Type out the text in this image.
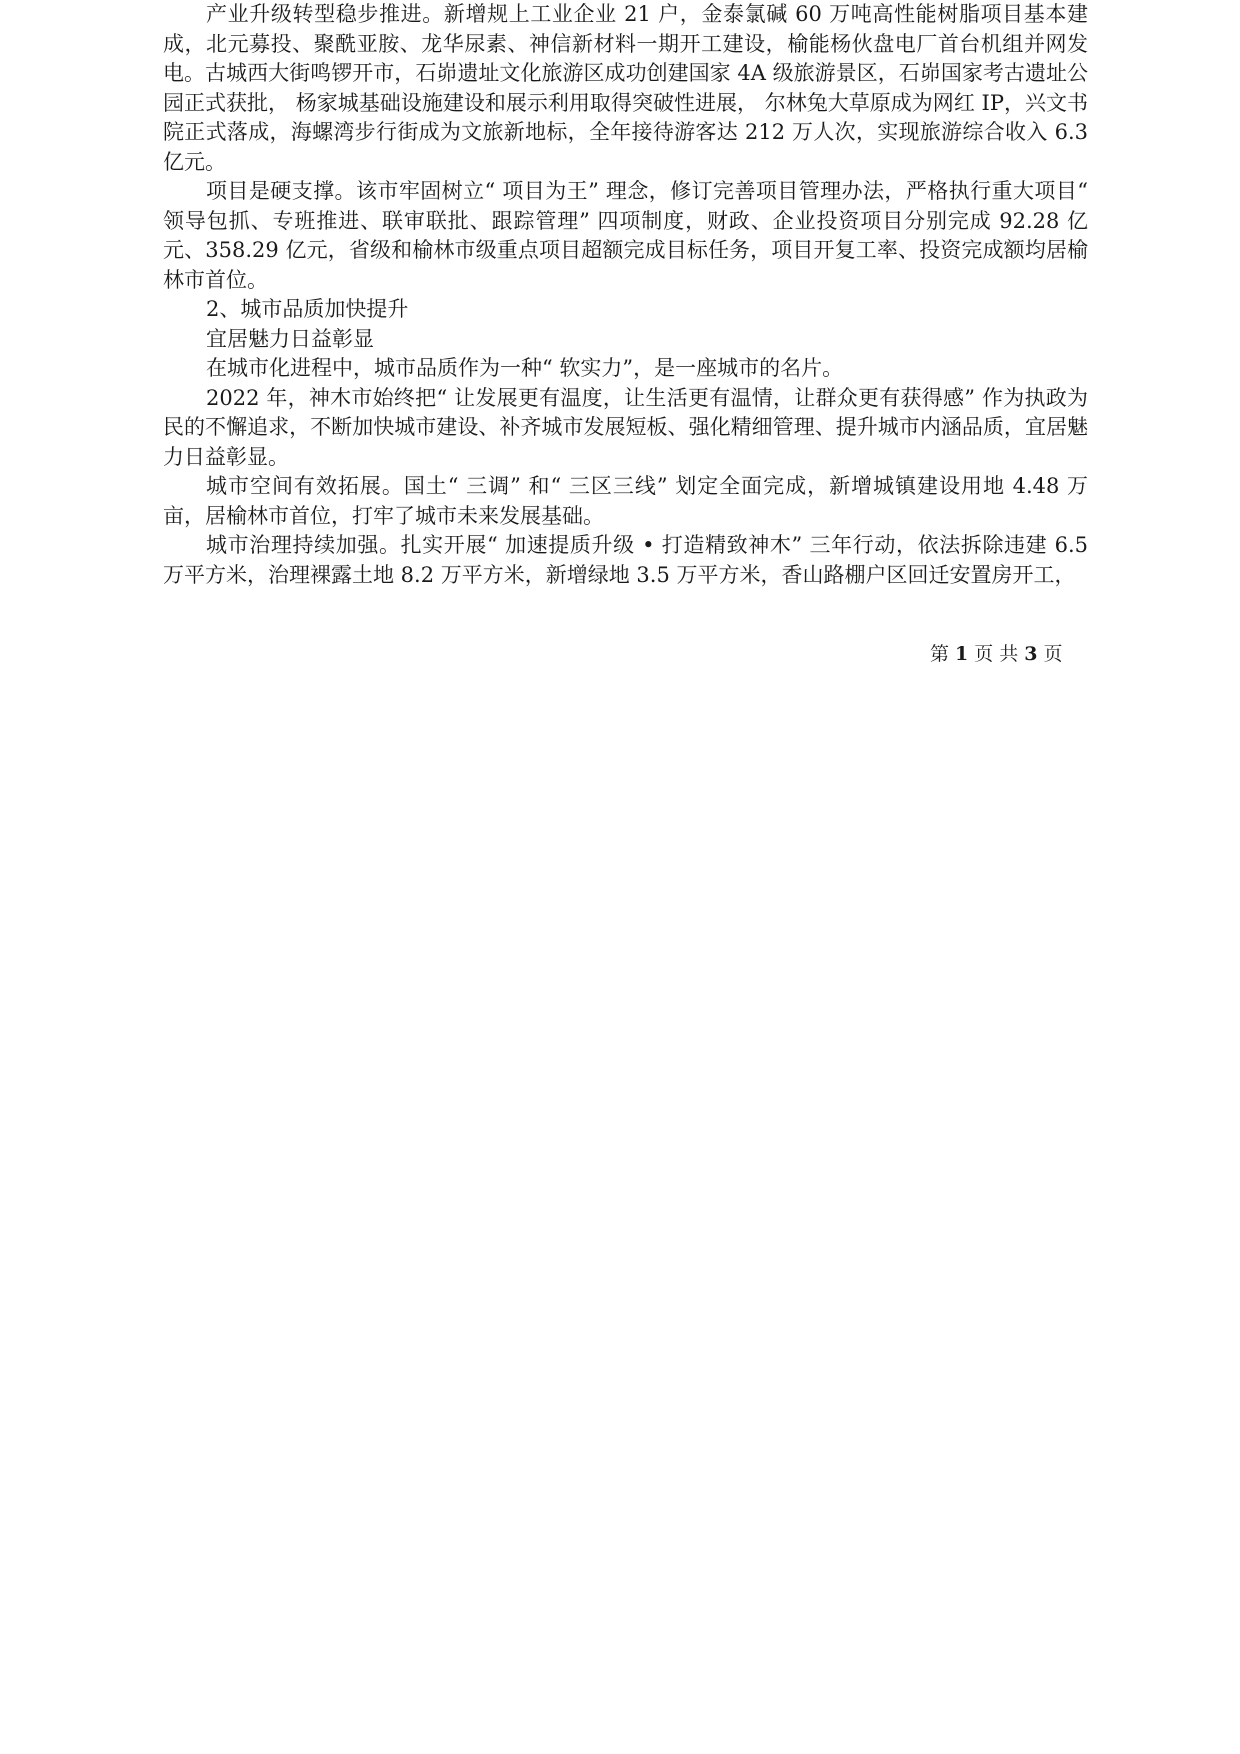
产业升级转型稳步推进。新增规上工业企业 21 户，金泰氯碱 60 万吨高性能树脂项目基本建成，北元募投、聚酰亚胺、龙华尿素、神信新材料一期开工建设，榆能杨伙盘电厂首台机组并网发电。古城西大街鸣锣开市，石峁遗址文化旅游区成功创建国家 4A 级旅游景区，石峁国家考古遗址公园正式获批， 杨家城基础设施建设和展示利用取得突破性进展， 尔林兔大草原成为网红 IP，兴文书院正式落成，海螺湾步行街成为文旅新地标，全年接待游客达 212 万人次，实现旅游综合收入 6.3 亿元。

项目是硬支撑。该市牢固树立“ 项目为王” 理念，修订完善项目管理办法，严格执行重大项目“ 领导包抓、专班推进、联审联批、跟踪管理” 四项制度，财政、企业投资项目分别完成 92.28 亿元、358.29 亿元，省级和榆林市级重点项目超额完成目标任务，项目开复工率、投资完成额均居榆林市首位。

2、城市品质加快提升

宜居魅力日益彰显

在城市化进程中，城市品质作为一种“ 软实力”，是一座城市的名片。

2022 年，神木市始终把“ 让发展更有温度，让生活更有温情，让群众更有获得感” 作为执政为民的不懈追求，不断加快城市建设、补齐城市发展短板、强化精细管理、提升城市内涵品质，宜居魅力日益彰显。

城市空间有效拓展。国土“ 三调” 和“ 三区三线” 划定全面完成，新增城镇建设用地 4.48 万亩，居榆林市首位，打牢了城市未来发展基础。

城市治理持续加强。扎实开展“ 加速提质升级 • 打造精致神木” 三年行动，依法拆除违建 6.5 万平方米，治理裸露土地 8.2 万平方米，新增绿地 3.5 万平方米，香山路棚户区回迁安置房开工，

第 1 页 共 3 页
